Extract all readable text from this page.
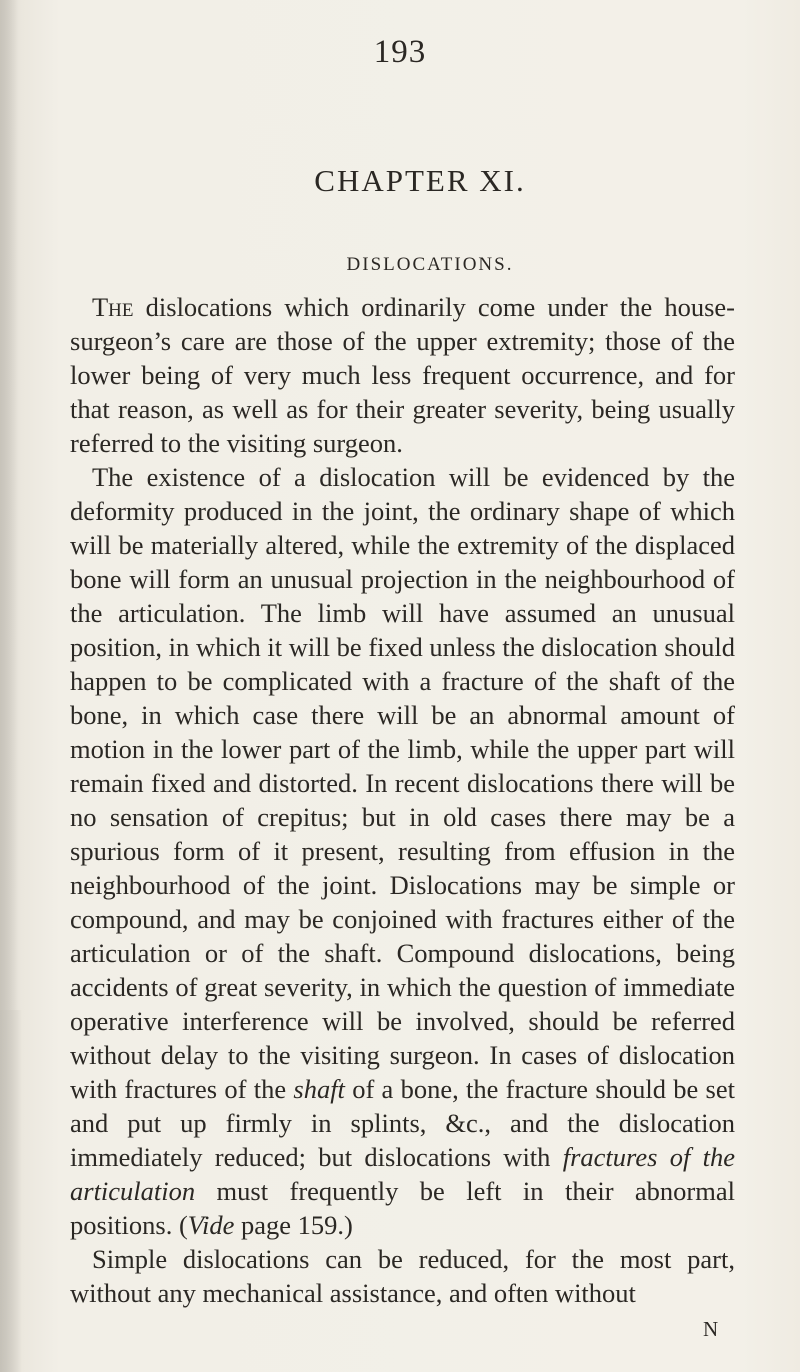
193
CHAPTER XI.
DISLOCATIONS.

The dislocations which ordinarily come under the house-surgeon’s care are those of the upper extremity; those of the lower being of very much less frequent occurrence, and for that reason, as well as for their greater severity, being usually referred to the visiting surgeon.

The existence of a dislocation will be evidenced by the deformity produced in the joint, the ordinary shape of which will be materially altered, while the extremity of the displaced bone will form an unusual projection in the neighbourhood of the articulation. The limb will have assumed an unusual position, in which it will be fixed unless the dislocation should happen to be complicated with a fracture of the shaft of the bone, in which case there will be an abnormal amount of motion in the lower part of the limb, while the upper part will remain fixed and distorted. In recent dislocations there will be no sensation of crepitus; but in old cases there may be a spurious form of it present, resulting from effusion in the neighbourhood of the joint. Dislocations may be simple or compound, and may be conjoined with fractures either of the articulation or of the shaft. Compound dislocations, being accidents of great severity, in which the question of immediate operative interference will be involved, should be referred without delay to the visiting surgeon. In cases of dislocation with fractures of the shaft of a bone, the fracture should be set and put up firmly in splints, &c., and the dislocation immediately reduced; but dislocations with fractures of the articulation must frequently be left in their abnormal positions. (Vide page 159.)

Simple dislocations can be reduced, for the most part, without any mechanical assistance, and often without

N
